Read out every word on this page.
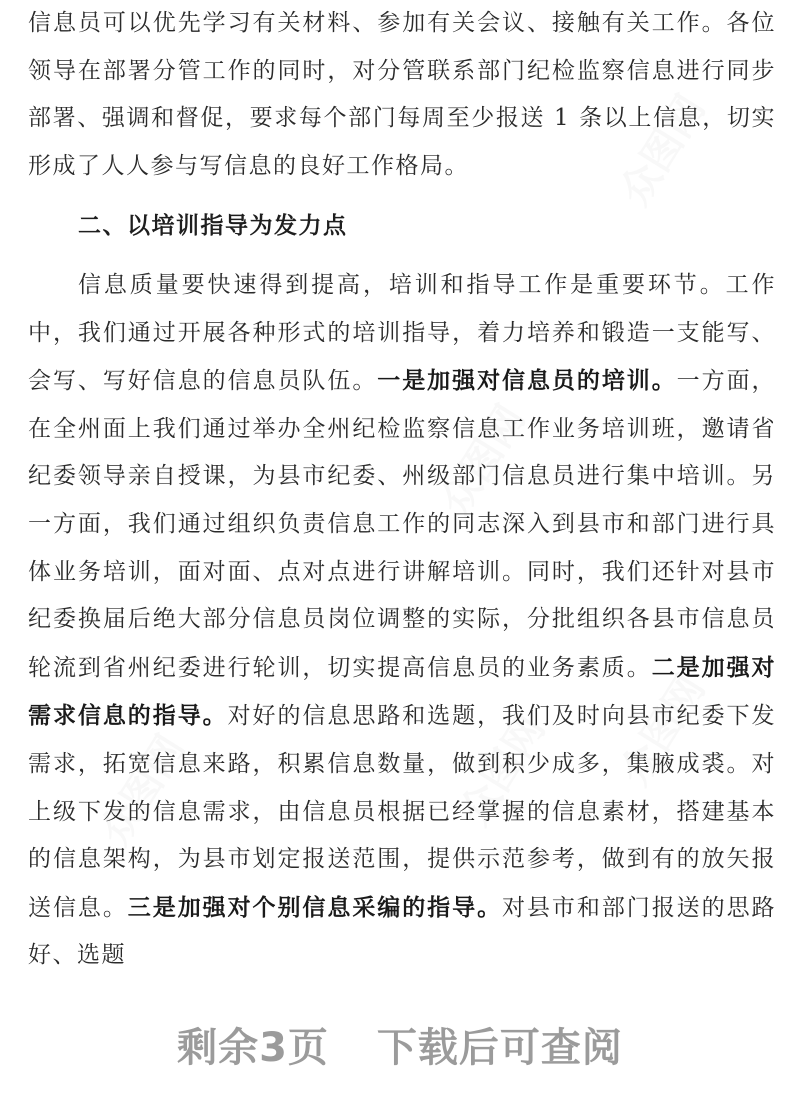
众图网
众图网
众图网
众图网
众图网

信息员可以优先学习有关材料、参加有关会议、接触有关工作。各位领导在部署分管工作的同时，对分管联系部门纪检监察信息进行同步部署、强调和督促，要求每个部门每周至少报送 1 条以上信息，切实形成了人人参与写信息的良好工作格局。

二、以培训指导为发力点

信息质量要快速得到提高，培训和指导工作是重要环节。工作中，我们通过开展各种形式的培训指导，着力培养和锻造一支能写、会写、写好信息的信息员队伍。一是加强对信息员的培训。一方面，在全州面上我们通过举办全州纪检监察信息工作业务培训班，邀请省纪委领导亲自授课，为县市纪委、州级部门信息员进行集中培训。另一方面，我们通过组织负责信息工作的同志深入到县市和部门进行具体业务培训，面对面、点对点进行讲解培训。同时，我们还针对县市纪委换届后绝大部分信息员岗位调整的实际，分批组织各县市信息员轮流到省州纪委进行轮训，切实提高信息员的业务素质。二是加强对需求信息的指导。对好的信息思路和选题，我们及时向县市纪委下发需求，拓宽信息来路，积累信息数量，做到积少成多，集腋成裘。对上级下发的信息需求，由信息员根据已经掌握的信息素材，搭建基本的信息架构，为县市划定报送范围，提供示范参考，做到有的放矢报送信息。三是加强对个别信息采编的指导。对县市和部门报送的思路好、选题

剩余3页 下载后可查阅
